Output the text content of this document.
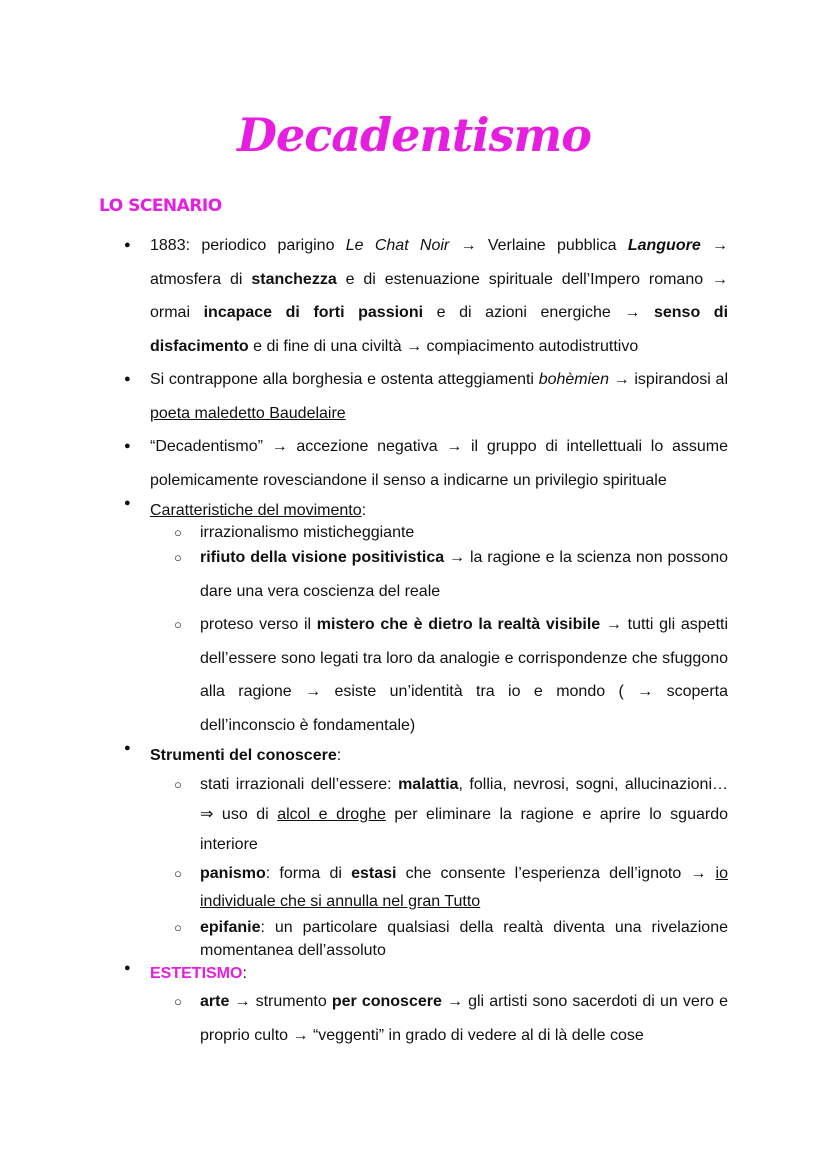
Decadentismo
LO SCENARIO
● 1883: periodico parigino Le Chat Noir → Verlaine pubblica Languore → atmosfera di stanchezza e di estenuazione spirituale dell’Impero romano → ormai incapace di forti passioni e di azioni energiche → senso di disfacimento e di fine di una civiltà → compiacimento autodistruttivo
● Si contrappone alla borghesia e ostenta atteggiamenti bohèmien → ispirandosi al poeta maledetto Baudelaire
● “Decadentismo” → accezione negativa → il gruppo di intellettuali lo assume polemicamente rovesciandone il senso a indicarne un privilegio spirituale
● Caratteristiche del movimento:
○ irrazionalismo misticheggiante
○ rifiuto della visione positivistica → la ragione e la scienza non possono dare una vera coscienza del reale
○ proteso verso il mistero che è dietro la realtà visibile → tutti gli aspetti dell’essere sono legati tra loro da analogie e corrispondenze che sfuggono alla ragione → esiste un’identità tra io e mondo ( → scoperta dell’inconscio è fondamentale)
● Strumenti del conoscere:
○ stati irrazionali dell’essere: malattia, follia, nevrosi, sogni, allucinazioni… ⇒ uso di alcol e droghe per eliminare la ragione e aprire lo sguardo interiore
○ panismo: forma di estasi che consente l’esperienza dell’ignoto → io individuale che si annulla nel gran Tutto
○ epifanie: un particolare qualsiasi della realtà diventa una rivelazione momentanea dell’assoluto
● ESTETISMO:
○ arte → strumento per conoscere → gli artisti sono sacerdoti di un vero e proprio culto → “veggenti” in grado di vedere al di là delle cose
